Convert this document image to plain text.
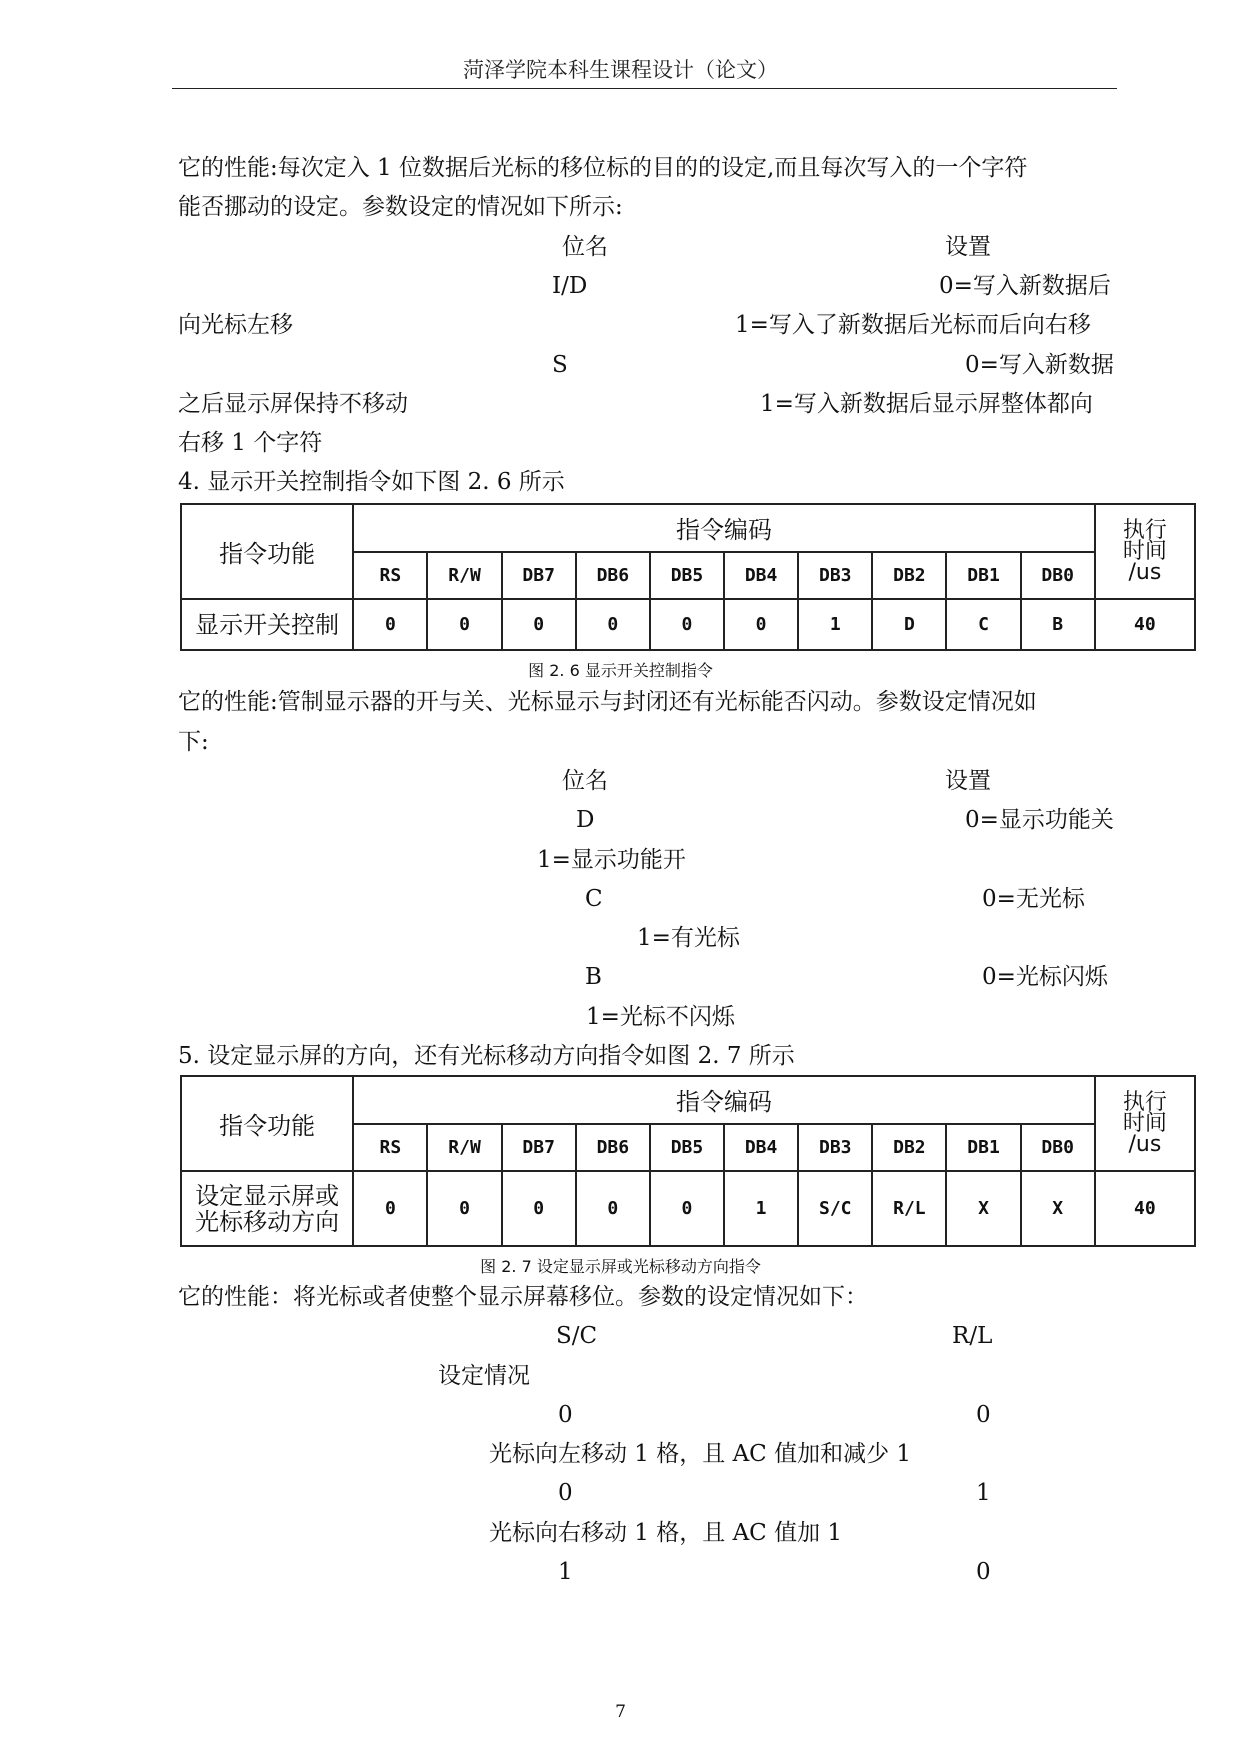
菏泽学院本科生课程设计（论文）
它的性能:每次定入 1 位数据后光标的移位标的目的的设定,而且每次写入的一个字符
能否挪动的设定。参数设定的情况如下所示:
位名	设置
I/D	0=写入新数据后
向光标左移	1=写入了新数据后光标而后向右移
S	0=写入新数据
之后显示屏保持不移动	1=写入新数据后显示屏整体都向
右移 1 个字符
4. 显示开关控制指令如下图 2. 6 所示
指令功能	指令编码										执行
时间
/us

	RS	R/W	DB7	DB6	DB5	DB4	DB3	DB2	DB1	DB0	
显示开关控制	0	0	0	0	0	0	1	D	C	B	40
图 2. 6 显示开关控制指令
它的性能:管制显示器的开与关、光标显示与封闭还有光标能否闪动。参数设定情况如
下:
位名	设置
D	0=显示功能关
1=显示功能开
C	0=无光标
1=有光标
B	0=光标闪烁
1=光标不闪烁
5. 设定显示屏的方向，还有光标移动方向指令如图 2. 7 所示
指令功能	指令编码										执行
时间
/us

	RS	R/W	DB7	DB6	DB5	DB4	DB3	DB2	DB1	DB0	

设定显示屏或
光标移动方向	0	0	0	0	0	1	S/C	R/L	X	X	40
图 2. 7 设定显示屏或光标移动方向指令
它的性能：将光标或者使整个显示屏幕移位。参数的设定情况如下：
S/C	R/L
设定情况
0	0
光标向左移动 1 格，且 AC 值加和减少 1
0	1
光标向右移动 1 格，且 AC 值加 1
1	0
7
